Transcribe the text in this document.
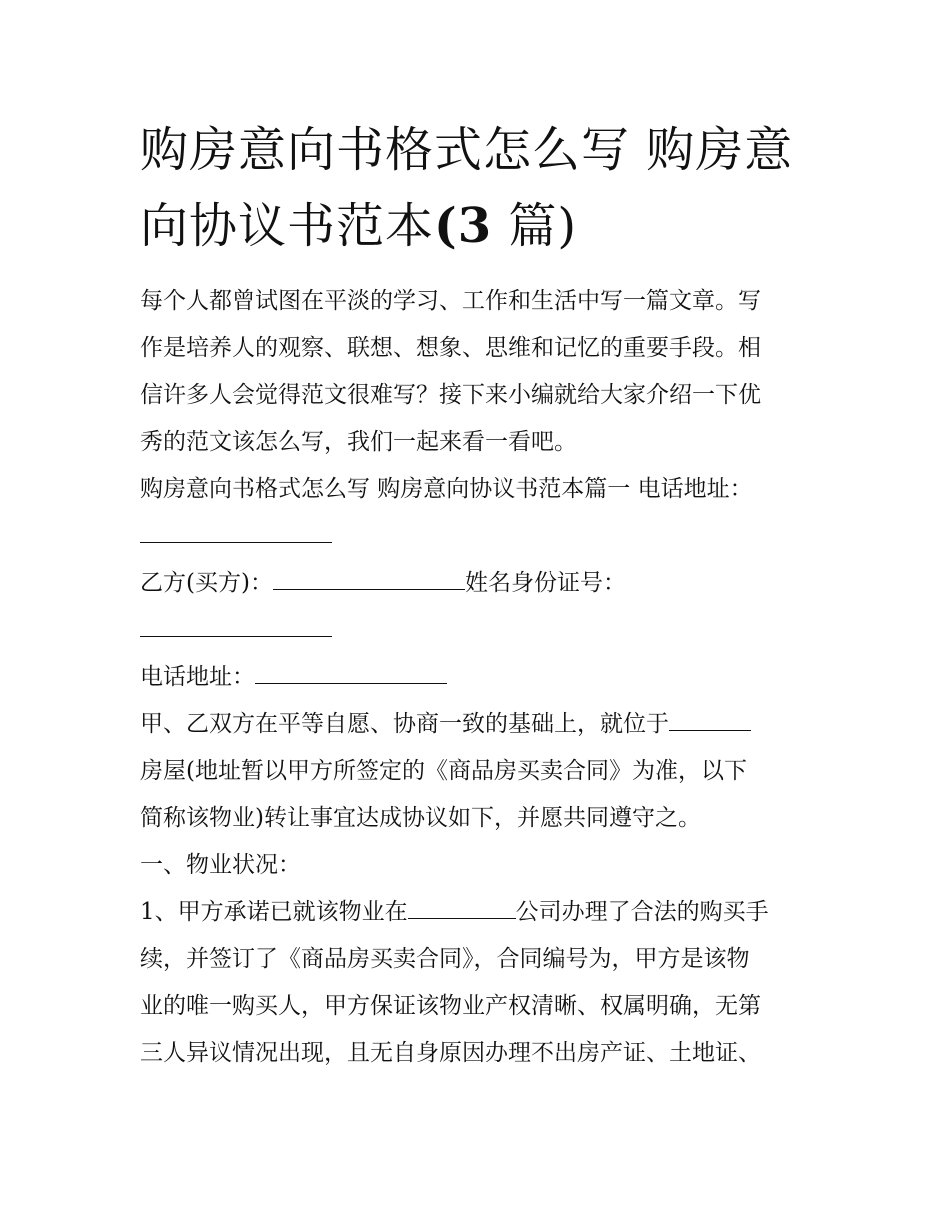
购房意向书格式怎么写 购房意
向协议书范本(3 篇)
每个人都曾试图在平淡的学习、工作和生活中写一篇文章。写
作是培养人的观察、联想、想象、思维和记忆的重要手段。相
信许多人会觉得范文很难写？接下来小编就给大家介绍一下优
秀的范文该怎么写，我们一起来看一看吧。
购房意向书格式怎么写 购房意向协议书范本篇一 电话地址：
乙方(买方)：	姓名身份证号：
电话地址：
甲、乙双方在平等自愿、协商一致的基础上，就位于
房屋(地址暂以甲方所签定的《商品房买卖合同》为准，以下
简称该物业)转让事宜达成协议如下，并愿共同遵守之。
一、物业状况：
1、甲方承诺已就该物业在	公司办理了合法的购买手
续，并签订了《商品房买卖合同》，合同编号为，甲方是该物
业的唯一购买人，甲方保证该物业产权清晰、权属明确，无第
三人异议情况出现，且无自身原因办理不出房产证、土地证、
